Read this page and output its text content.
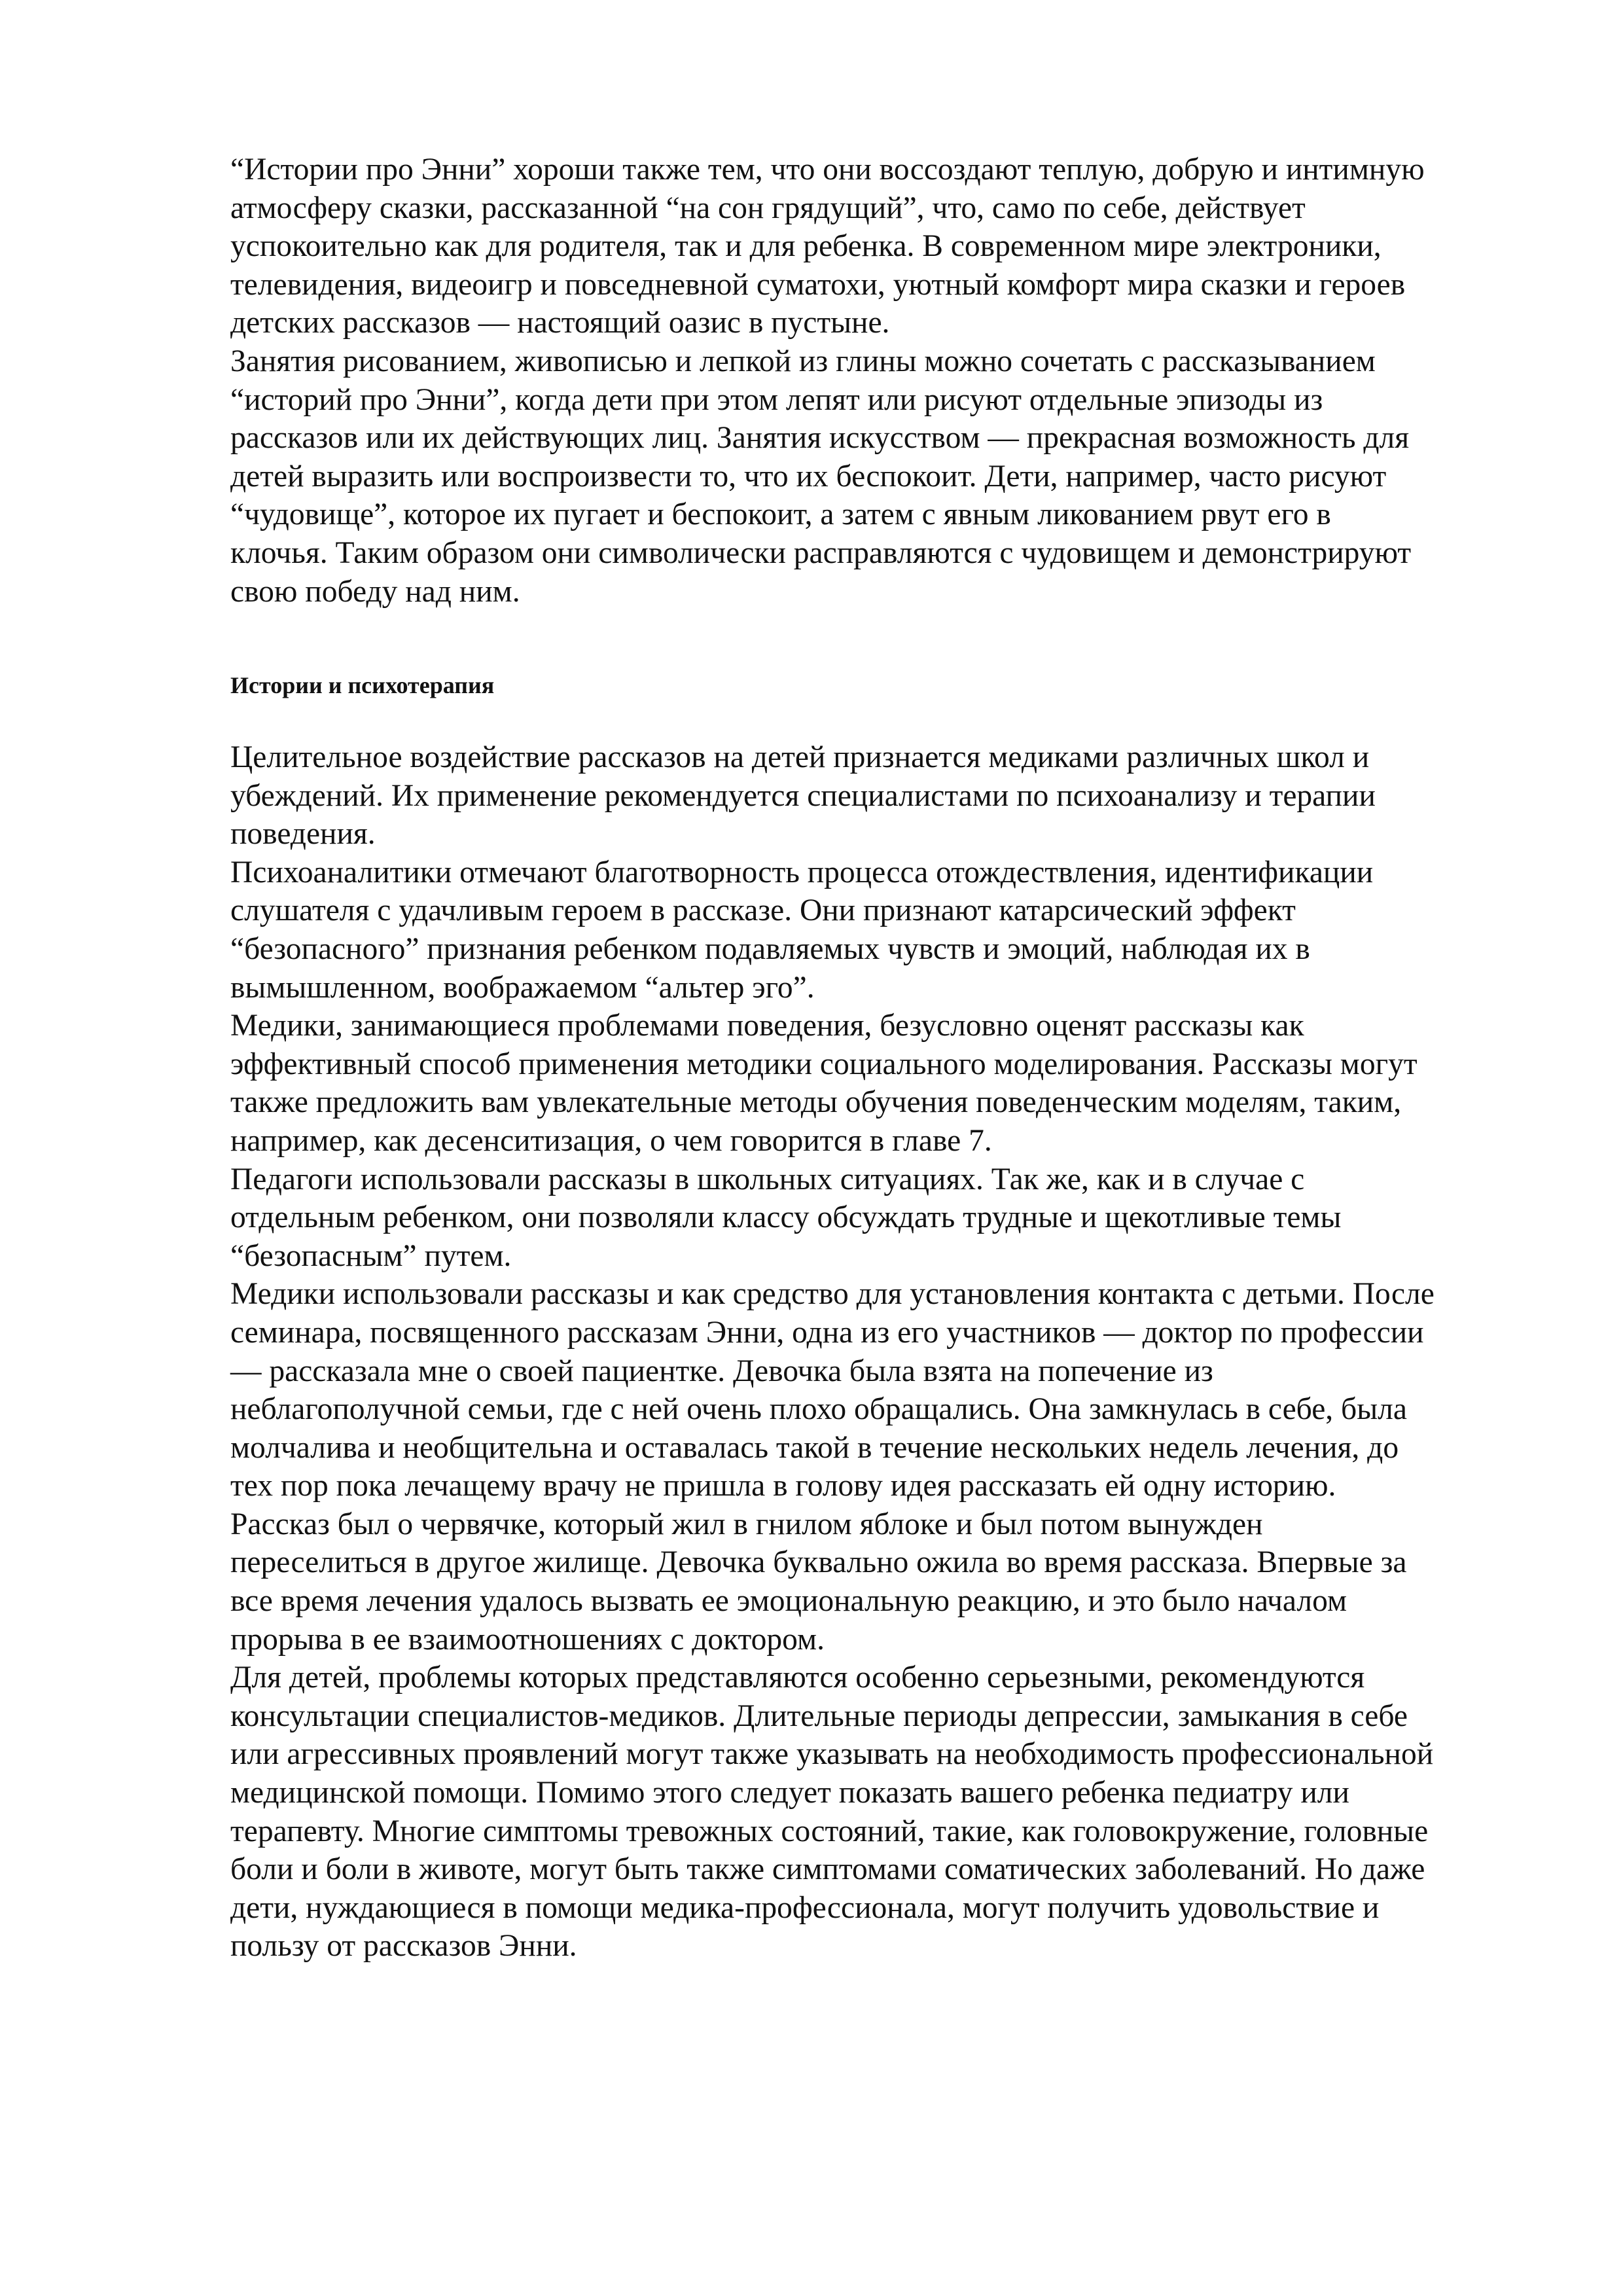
“Истории про Энни” хороши также тем, что они воссоздают теплую, добрую и интимную
атмосферу сказки, рассказанной “на сон грядущий”, что, само по себе, действует
успокоительно как для родителя, так и для ребенка. В современном мире электроники,
телевидения, видеоигр и повседневной суматохи, уютный комфорт мира сказки и героев
детских рассказов — настоящий оазис в пустыне.
Занятия рисованием, живописью и лепкой из глины можно сочетать с рассказыванием
“историй про Энни”, когда дети при этом лепят или рисуют отдельные эпизоды из
рассказов или их действующих лиц. Занятия искусством — прекрасная возможность для
детей выразить или воспроизвести то, что их беспокоит. Дети, например, часто рисуют
“чудовище”, которое их пугает и беспокоит, а затем с явным ликованием рвут его в
клочья. Таким образом они символически расправляются с чудовищем и демонстрируют
свою победу над ним.
Истории и психотерапия
Целительное воздействие рассказов на детей признается медиками различных школ и
убеждений. Их применение рекомендуется специалистами по психоанализу и терапии
поведения.
Психоаналитики отмечают благотворность процесса отождествления, идентификации
слушателя с удачливым героем в рассказе. Они признают катарсический эффект
“безопасного” признания ребенком подавляемых чувств и эмоций, наблюдая их в
вымышленном, воображаемом “альтер эго”.
Медики, занимающиеся проблемами поведения, безусловно оценят рассказы как
эффективный способ применения методики социального моделирования. Рассказы могут
также предложить вам увлекательные методы обучения поведенческим моделям, таким,
например, как десенситизация, о чем говорится в главе 7.
Педагоги использовали рассказы в школьных ситуациях. Так же, как и в случае с
отдельным ребенком, они позволяли классу обсуждать трудные и щекотливые темы
“безопасным” путем.
Медики использовали рассказы и как средство для установления контакта с детьми. После
семинара, посвященного рассказам Энни, одна из его участников — доктор по профессии
— рассказала мне о своей пациентке. Девочка была взята на попечение из
неблагополучной семьи, где с ней очень плохо обращались. Она замкнулась в себе, была
молчалива и необщительна и оставалась такой в течение нескольких недель лечения, до
тех пор пока лечащему врачу не пришла в голову идея рассказать ей одну историю.
Рассказ был о червячке, который жил в гнилом яблоке и был потом вынужден
переселиться в другое жилище. Девочка буквально ожила во время рассказа. Впервые за
все время лечения удалось вызвать ее эмоциональную реакцию, и это было началом
прорыва в ее взаимоотношениях с доктором.
Для детей, проблемы которых представляются особенно серьезными, рекомендуются
консультации специалистов-медиков. Длительные периоды депрессии, замыкания в себе
или агрессивных проявлений могут также указывать на необходимость профессиональной
медицинской помощи. Помимо этого следует показать вашего ребенка педиатру или
терапевту. Многие симптомы тревожных состояний, такие, как головокружение, головные
боли и боли в животе, могут быть также симптомами соматических заболеваний. Но даже
дети, нуждающиеся в помощи медика-профессионала, могут получить удовольствие и
пользу от рассказов Энни.
